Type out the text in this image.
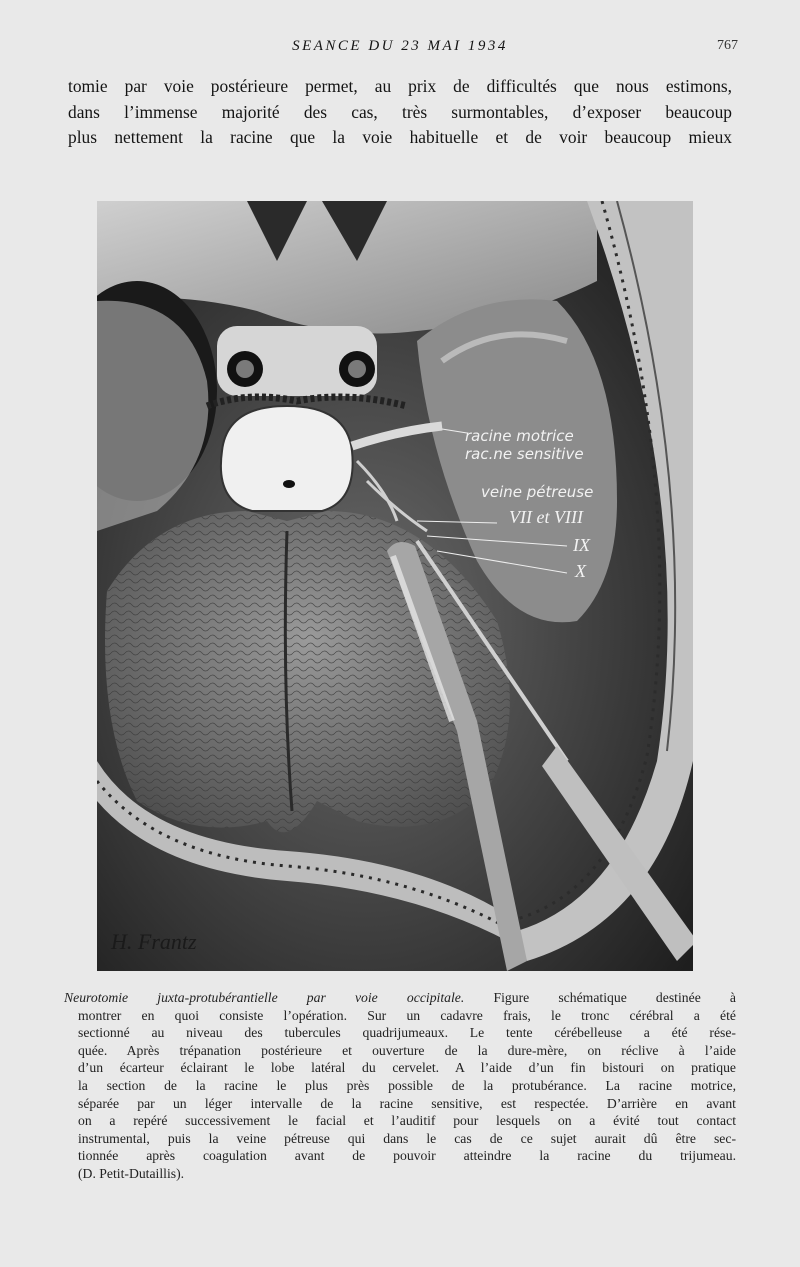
SEANCE DU 23 MAI 1934	767
tomie par voie postérieure permet, au prix de difficultés que nous estimons,
dans l’immense majorité des cas, très surmontables, d’exposer beaucoup
plus nettement la racine que la voie habituelle et de voir beaucoup mieux
racine motrice
rac.ne sensitive
veine pétreuse
VII et VIII
IX
X
H. Frantz
Neurotomie juxta-protubérantielle par voie occipitale. Figure schématique destinée à
montrer en quoi consiste l’opération. Sur un cadavre frais, le tronc cérébral a été
sectionné au niveau des tubercules quadrijumeaux. Le tente cérébelleuse a été rése-
quée. Après trépanation postérieure et ouverture de la dure-mère, on réclive à l’aide
d’un écarteur éclairant le lobe latéral du cervelet. A l’aide d’un fin bistouri on pratique
la section de la racine le plus près possible de la protubérance. La racine motrice,
séparée par un léger intervalle de la racine sensitive, est respectée. D’arrière en avant
on a repéré successivement le facial et l’auditif pour lesquels on a évité tout contact
instrumental, puis la veine pétreuse qui dans le cas de ce sujet aurait dû être sec-
tionnée après coagulation avant de pouvoir atteindre la racine du trijumeau.
(D. Petit-Dutaillis).
